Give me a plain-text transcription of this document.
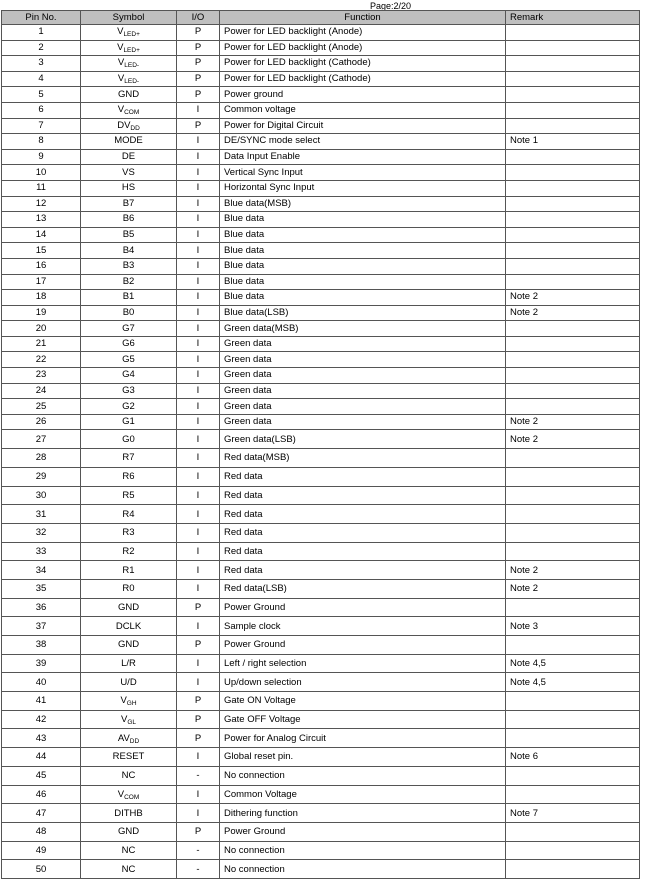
Page:2/20
Pin No.	Symbol	I/O	Function	Remark
1	$V_{LED+}$	P	Power for LED backlight (Anode)	
2	$V_{LED+}$	P	Power for LED backlight (Anode)	
3	$V_{LED-}$	P	Power for LED backlight (Cathode)	
4	$V_{LED-}$	P	Power for LED backlight (Cathode)	
5	GND	P	Power ground	
6	$V_{COM}$	I	Common voltage	
7	$DV_{DD}$	P	Power for Digital Circuit	
8	MODE	I	DE/SYNC mode select	Note 1
9	DE	I	Data Input Enable	
10	VS	I	Vertical Sync Input	
11	HS	I	Horizontal Sync Input	
12	B7	I	Blue data(MSB)	
13	B6	I	Blue data	
14	B5	I	Blue data	
15	B4	I	Blue data	
16	B3	I	Blue data	
17	B2	I	Blue data	
18	B1	I	Blue data	Note 2
19	B0	I	Blue data(LSB)	Note 2
20	G7	I	Green data(MSB)	
21	G6	I	Green data	
22	G5	I	Green data	
23	G4	I	Green data	
24	G3	I	Green data	
25	G2	I	Green data	
26	G1	I	Green data	Note 2
27	G0	I	Green data(LSB)	Note 2
28	R7	I	Red data(MSB)	
29	R6	I	Red data	
30	R5	I	Red data	
31	R4	I	Red data	
32	R3	I	Red data	
33	R2	I	Red data	
34	R1	I	Red data	Note 2
35	R0	I	Red data(LSB)	Note 2
36	GND	P	Power Ground	
37	DCLK	I	Sample clock	Note 3
38	GND	P	Power Ground	
39	L/R	I	Left / right selection	Note 4,5
40	U/D	I	Up/down selection	Note 4,5
41	$V_{GH}$	P	Gate ON Voltage	
42	$V_{GL}$	P	Gate OFF Voltage	
43	$AV_{DD}$	P	Power for Analog Circuit	
44	RESET	I	Global reset pin.	Note 6
45	NC	-	No connection	
46	$V_{COM}$	I	Common Voltage	
47	DITHB	I	Dithering function	Note 7
48	GND	P	Power Ground	
49	NC	-	No connection	
50	NC	-	No connection	
